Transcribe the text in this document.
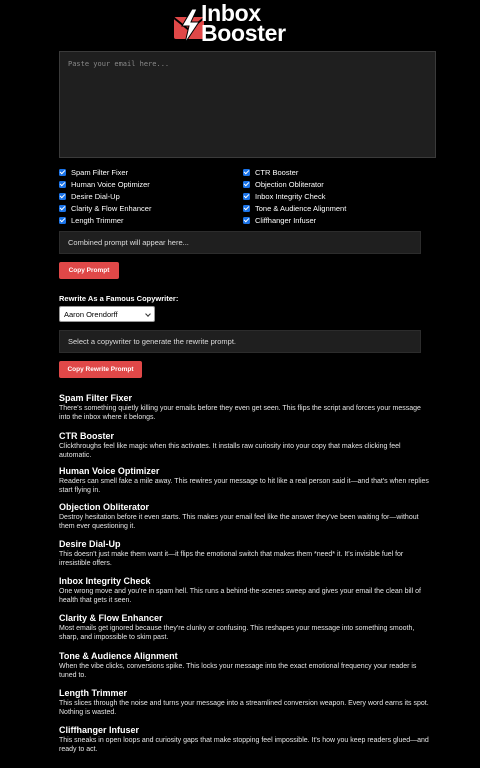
Inbox
Booster
Paste your email here...
Spam Filter Fixer
Human Voice Optimizer
Desire Dial-Up
Clarity & Flow Enhancer
Length Trimmer
CTR Booster
Objection Obliterator
Inbox Integrity Check
Tone & Audience Alignment
Cliffhanger Infuser
Combined prompt will appear here...
Copy Prompt
Rewrite As a Famous Copywriter:
Aaron Orendorff
Select a copywriter to generate the rewrite prompt.
Copy Rewrite Prompt
Spam Filter Fixer

There's something quietly killing your emails before they even get seen. This flips the script and forces your message into the inbox where it belongs.

CTR Booster

Clickthroughs feel like magic when this activates. It installs raw curiosity into your copy that makes clicking feel automatic.

Human Voice Optimizer

Readers can smell fake a mile away. This rewires your message to hit like a real person said it—and that's when replies start flying in.

Objection Obliterator

Destroy hesitation before it even starts. This makes your email feel like the answer they've been waiting for—without them ever questioning it.

Desire Dial-Up

This doesn't just make them want it—it flips the emotional switch that makes them *need* it. It's invisible fuel for irresistible offers.

Inbox Integrity Check

One wrong move and you're in spam hell. This runs a behind-the-scenes sweep and gives your email the clean bill of health that gets it seen.

Clarity & Flow Enhancer

Most emails get ignored because they're clunky or confusing. This reshapes your message into something smooth, sharp, and impossible to skim past.

Tone & Audience Alignment

When the vibe clicks, conversions spike. This locks your message into the exact emotional frequency your reader is tuned to.

Length Trimmer

This slices through the noise and turns your message into a streamlined conversion weapon. Every word earns its spot. Nothing is wasted.

Cliffhanger Infuser

This sneaks in open loops and curiosity gaps that make stopping feel impossible. It's how you keep readers glued—and ready to act.
